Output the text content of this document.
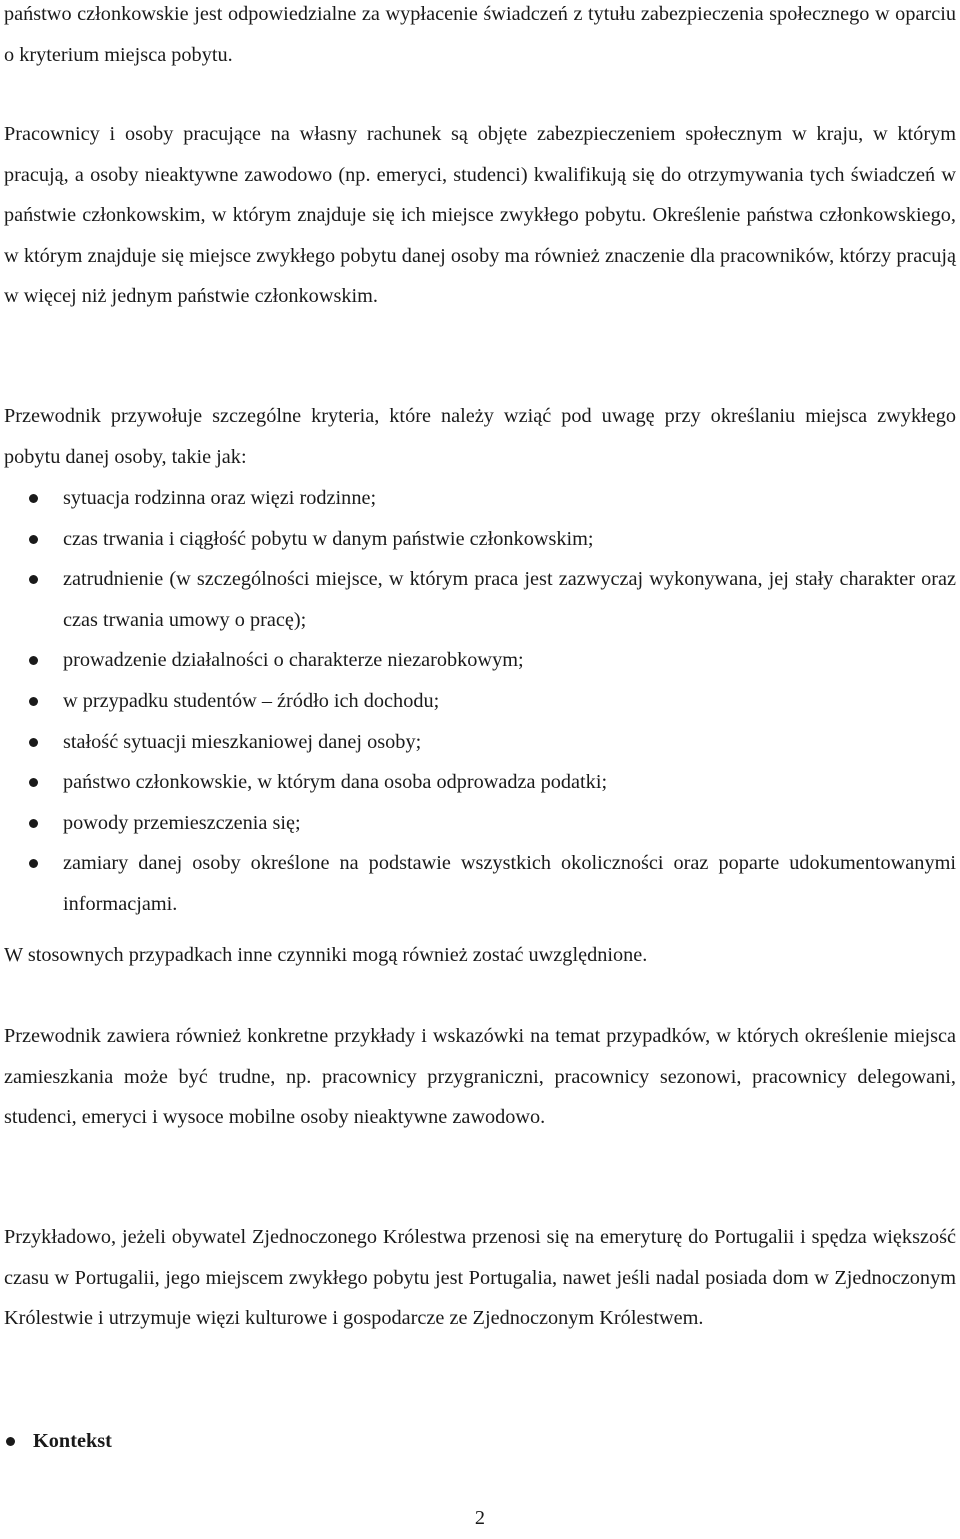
państwo członkowskie jest odpowiedzialne za wypłacenie świadczeń z tytułu zabezpieczenia społecznego w oparciu o kryterium miejsca pobytu.

Pracownicy i osoby pracujące na własny rachunek są objęte zabezpieczeniem społecznym w kraju, w którym pracują, a osoby nieaktywne zawodowo (np. emeryci, studenci) kwalifikują się do otrzymywania tych świadczeń w państwie członkowskim, w którym znajduje się ich miejsce zwykłego pobytu. Określenie państwa członkowskiego, w którym znajduje się miejsce zwykłego pobytu danej osoby ma również znaczenie dla pracowników, którzy pracują w więcej niż jednym państwie członkowskim.

Przewodnik przywołuje szczególne kryteria, które należy wziąć pod uwagę przy określaniu miejsca zwykłego pobytu danej osoby, takie jak:

sytuacja rodzinna oraz więzi rodzinne;
czas trwania i ciągłość pobytu w danym państwie członkowskim;
zatrudnienie (w szczególności miejsce, w którym praca jest zazwyczaj wykonywana, jej stały charakter oraz czas trwania umowy o pracę);
prowadzenie działalności o charakterze niezarobkowym;
w przypadku studentów – źródło ich dochodu;
stałość sytuacji mieszkaniowej danej osoby;
państwo członkowskie, w którym dana osoba odprowadza podatki;
powody przemieszczenia się;
zamiary danej osoby określone na podstawie wszystkich okoliczności oraz poparte udokumentowanymi informacjami.

W stosownych przypadkach inne czynniki mogą również zostać uwzględnione.

Przewodnik zawiera również konkretne przykłady i wskazówki na temat przypadków, w których określenie miejsca zamieszkania może być trudne, np. pracownicy przygraniczni, pracownicy sezonowi, pracownicy delegowani, studenci, emeryci i wysoce mobilne osoby nieaktywne zawodowo.

Przykładowo, jeżeli obywatel Zjednoczonego Królestwa przenosi się na emeryturę do Portugalii i spędza większość czasu w Portugalii, jego miejscem zwykłego pobytu jest Portugalia, nawet jeśli nadal posiada dom w Zjednoczonym Królestwie i utrzymuje więzi kulturowe i gospodarcze ze Zjednoczonym Królestwem.

Kontekst
2
